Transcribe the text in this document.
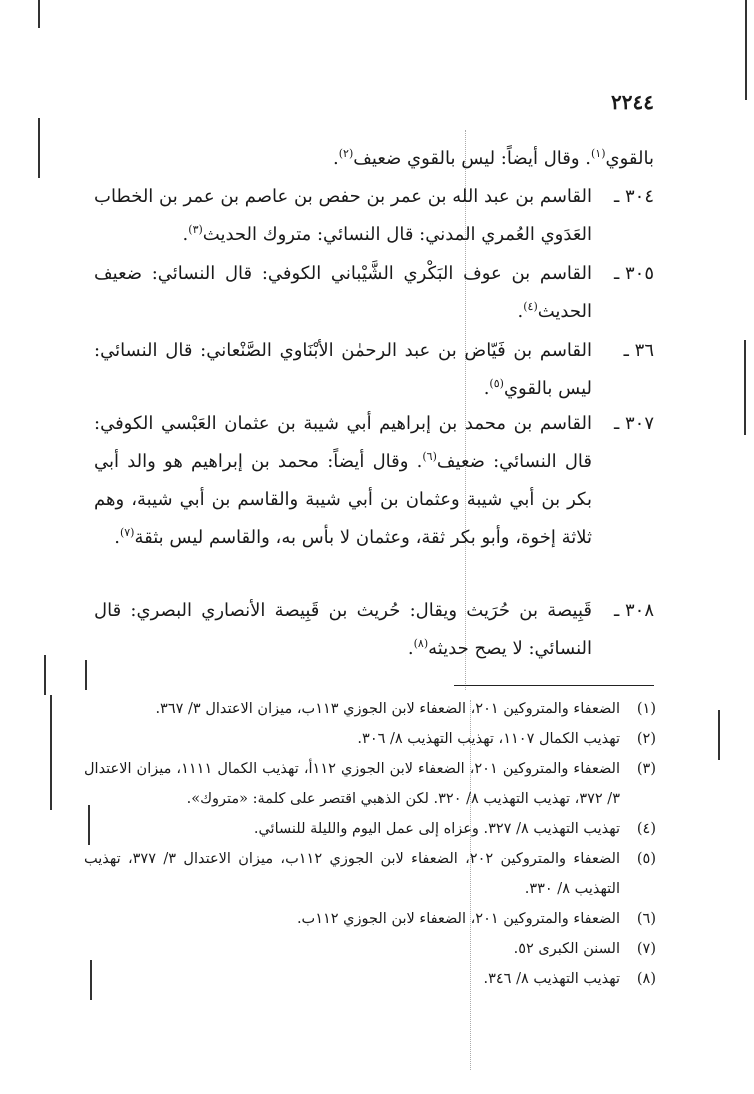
٢٢٤٤
بالقوي$^{(١)}$. وقال أيضاً: ليس بالقوي ضعيف$^{(٢)}$.
٣٠٤ ـ
القاسم بن عبد الله بن عمر بن حفص بن عاصم بن عمر بن الخطاب العَدَوي العُمري المدني: قال النسائي: متروك الحديث$^{(٣)}$.
٣٠٥ ـ
القاسم بن عوف البَكْري الشَّيْباني الكوفي: قال النسائي: ضعيف الحديث$^{(٤)}$.
٣٦ ـ
القاسم بن فَيّاض بن عبد الرحمٰن الأبْنَاوي الصَّنْعاني: قال النسائي: ليس بالقوي$^{(٥)}$.
٣٠٧ ـ
القاسم بن محمد بن إبراهيم أبي شيبة بن عثمان العَبْسي الكوفي: قال النسائي: ضعيف$^{(٦)}$. وقال أيضاً: محمد بن إبراهيم هو والد أبي بكر بن أبي شيبة وعثمان بن أبي شيبة والقاسم بن أبي شيبة، وهم ثلاثة إخوة، وأبو بكر ثقة، وعثمان لا بأس به، والقاسم ليس بثقة$^{(٧)}$.
٣٠٨ ـ
قَبِيصة بن حُرَيث ويقال: حُريث بن قَبِيصة الأنصاري البصري: قال النسائي: لا يصح حديثه$^{(٨)}$.
(١)
الضعفاء والمتروكين ٢٠١، الضعفاء لابن الجوزي ١١٣ب، ميزان الاعتدال ٣/ ٣٦٧.
(٢)
تهذيب الكمال ١١٠٧، تهذيب التهذيب ٨/ ٣٠٦.
(٣)
الضعفاء والمتروكين ٢٠١، الضعفاء لابن الجوزي ١١٢أ، تهذيب الكمال ١١١١، ميزان الاعتدال ٣/ ٣٧٢، تهذيب التهذيب ٨/ ٣٢٠. لكن الذهبي اقتصر على كلمة: «متروك».
(٤)
تهذيب التهذيب ٨/ ٣٢٧. وعزاه إلى عمل اليوم والليلة للنسائي.
(٥)
الضعفاء والمتروكين ٢٠٢، الضعفاء لابن الجوزي ١١٢ب، ميزان الاعتدال ٣/ ٣٧٧، تهذيب التهذيب ٨/ ٣٣٠.
(٦)
الضعفاء والمتروكين ٢٠١، الضعفاء لابن الجوزي ١١٢ب.
(٧)
السنن الكبرى ٥٢.
(٨)
تهذيب التهذيب ٨/ ٣٤٦.
